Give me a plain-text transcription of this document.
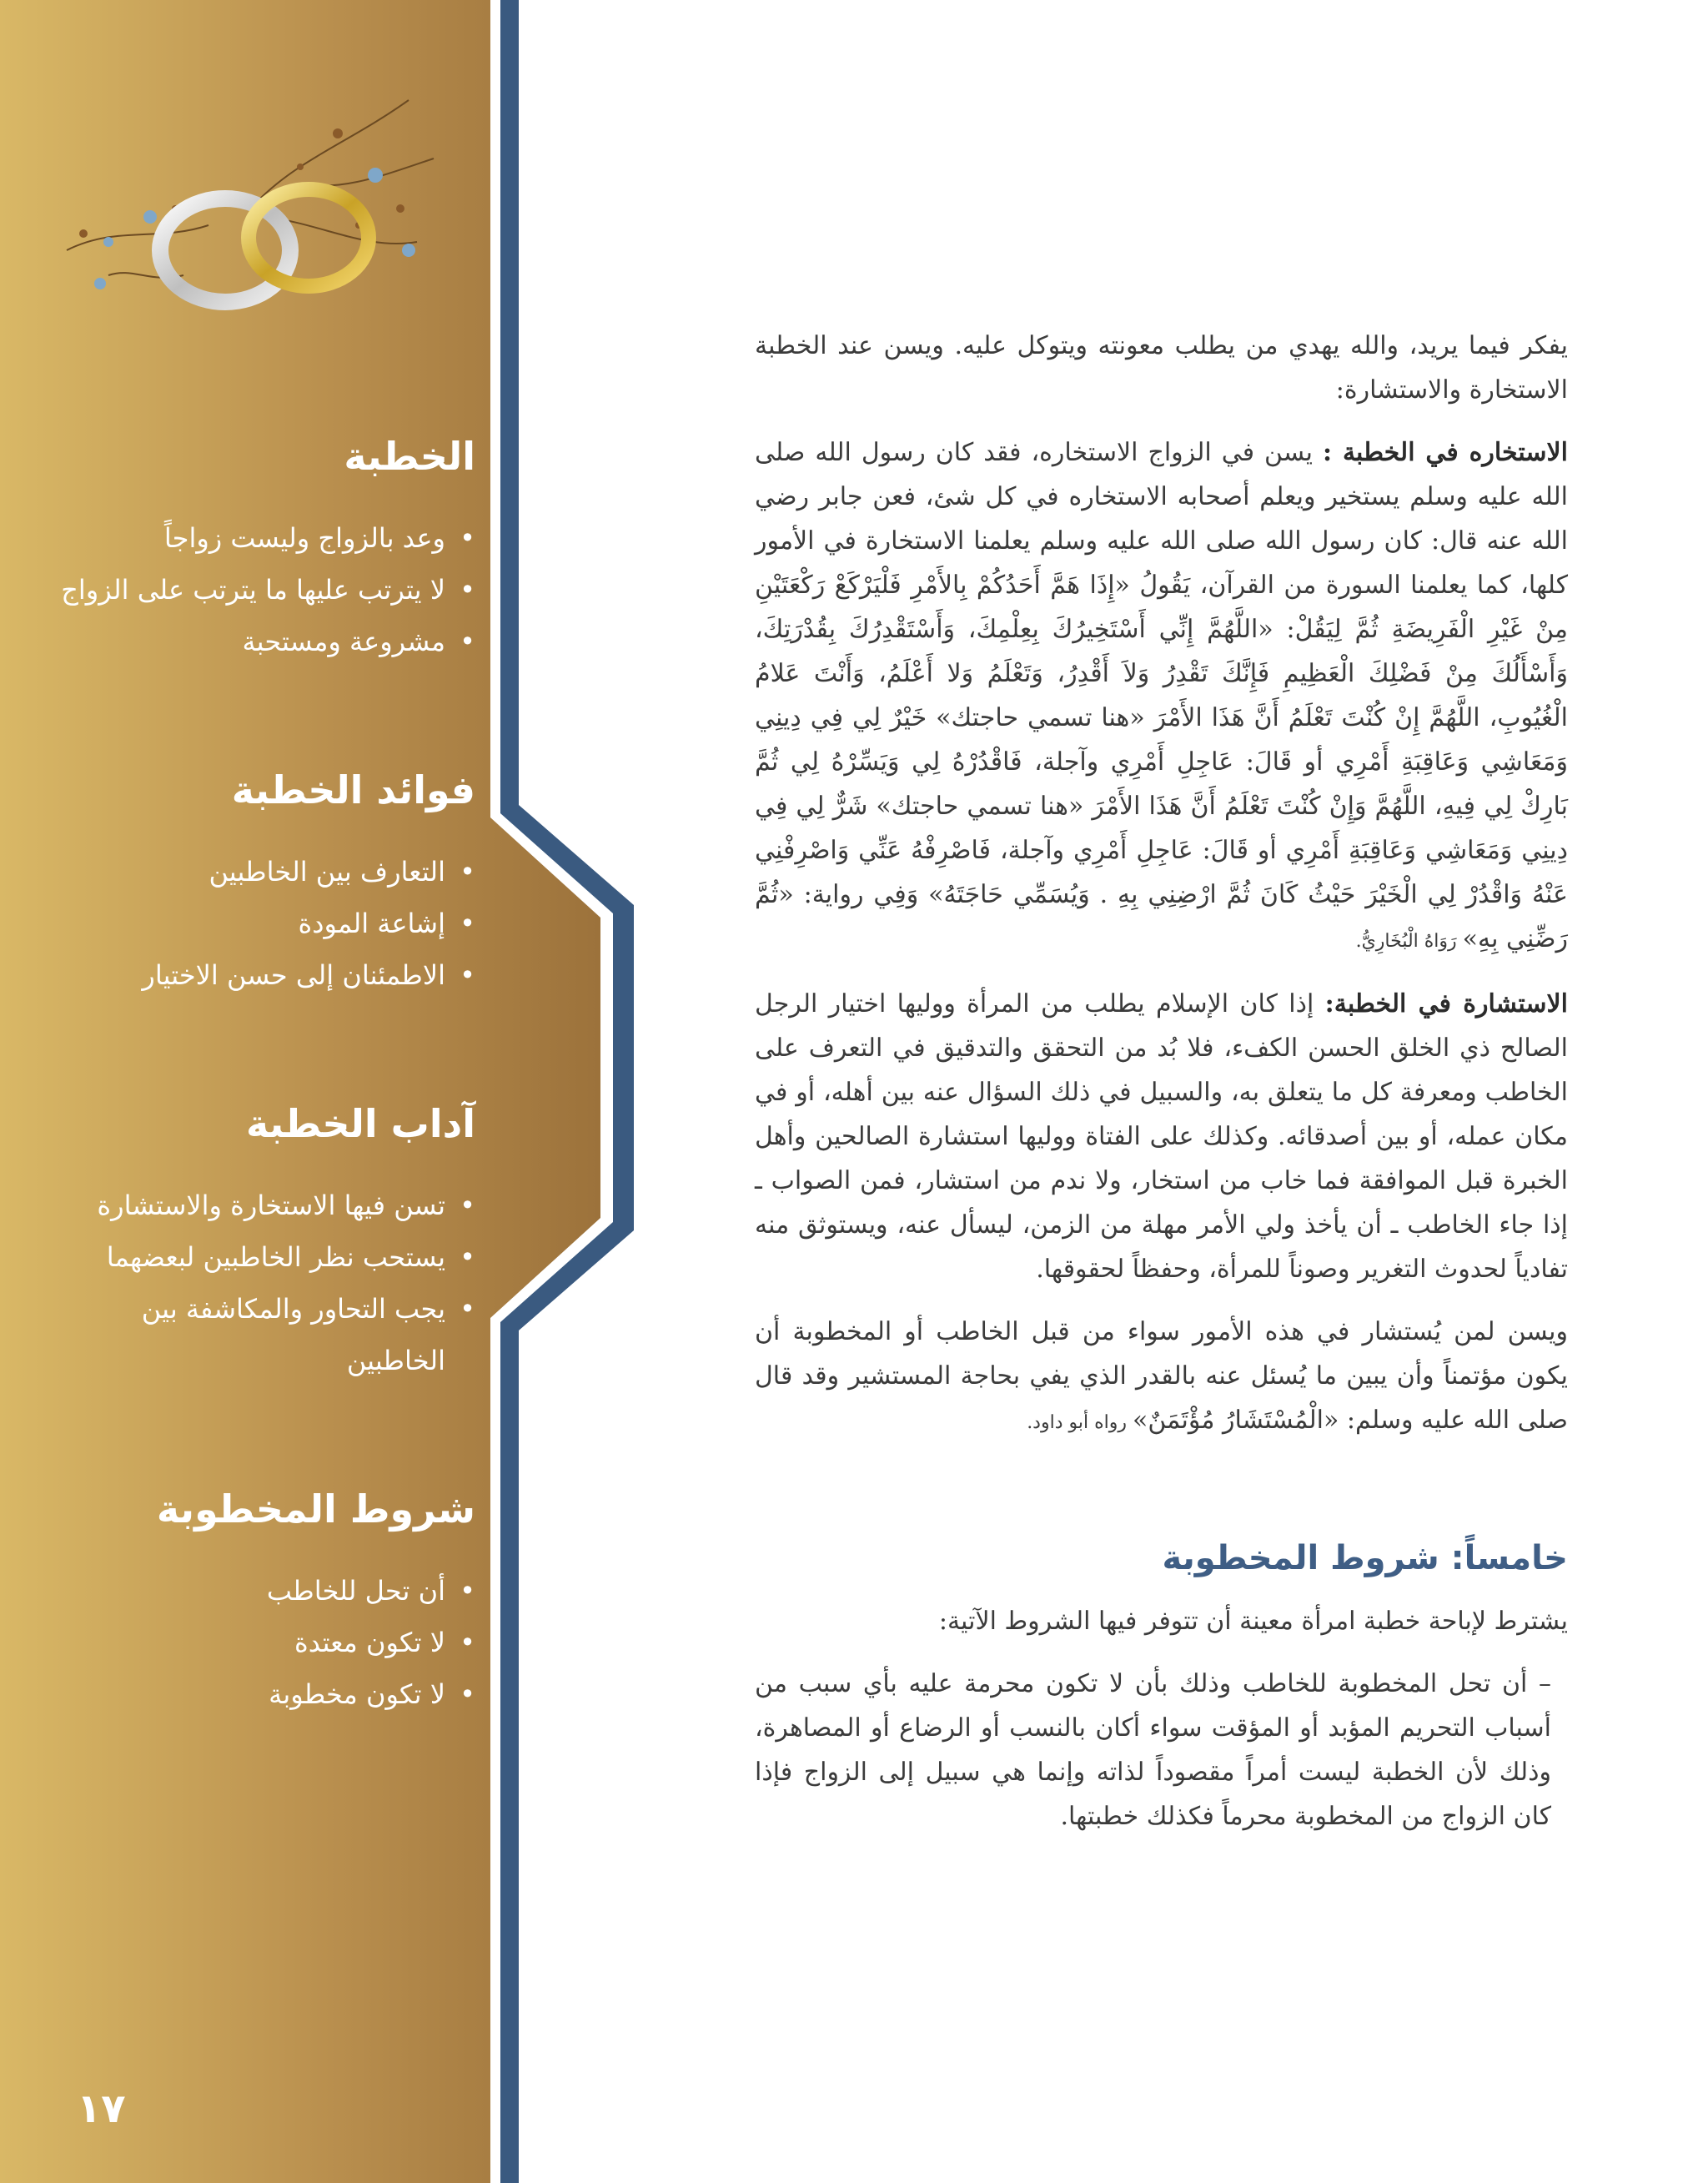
الخطبة
• وعد بالزواج وليست زواجاً
• لا يترتب عليها ما يترتب على الزواج
• مشروعة ومستحبة
فوائد الخطبة
• التعارف بين الخاطبين
• إشاعة المودة
• الاطمئنان إلى حسن الاختيار
آداب الخطبة
• تسن فيها الاستخارة والاستشارة
• يستحب نظر الخاطبين لبعضهما
• يجب التحاور والمكاشفة بين الخاطبين
شروط المخطوبة
• أن تحل للخاطب
• لا تكون معتدة
• لا تكون مخطوبة
١٧

يفكر فيما يريد، والله يهدي من يطلب معونته ويتوكل عليه. ويسن عند الخطبة الاستخارة والاستشارة:

الاستخاره في الخطبة : يسن في الزواج الاستخاره، فقد كان رسول الله صلى الله عليه وسلم يستخير ويعلم أصحابه الاستخاره في كل شئ، فعن جابر رضي الله عنه قال: كان رسول الله صلى الله عليه وسلم يعلمنا الاستخارة في الأمور كلها، كما يعلمنا السورة من القرآن، يَقُولُ «إِذَا هَمَّ أَحَدُكُمْ بِالأَمْرِ فَلْيَرْكَعْ رَكْعَتَيْنِ مِنْ غَيْرِ الْفَرِيضَةِ ثُمَّ لِيَقُلْ: «اللَّهُمَّ إِنِّي أَسْتَخِيرُكَ بِعِلْمِكَ، وَأَسْتَقْدِرُكَ بِقُدْرَتِكَ، وَأَسْأَلُكَ مِنْ فَضْلِكَ الْعَظِيمِ فَإِنَّكَ تَقْدِرُ وَلاَ أَقْدِرُ، وَتَعْلَمُ وَلا أَعْلَمُ، وَأَنْتَ عَلامُ الْغُيُوبِ، اللَّهُمَّ إِنْ كُنْتَ تَعْلَمُ أَنَّ هَذَا الأَمْرَ «هنا تسمي حاجتك» خَيْرٌ لِي فِي دِينِي وَمَعَاشِي وَعَاقِبَةِ أَمْرِي أو قَالَ: عَاجِلِ أَمْرِي وآجلة، فَاقْدُرْهُ لِي وَيَسِّرْهُ لِي ثُمَّ بَارِكْ لِي فِيهِ، اللَّهُمَّ وَإِنْ كُنْتَ تَعْلَمُ أَنَّ هَذَا الأَمْرَ «هنا تسمي حاجتك» شَرٌّ لِي فِي دِينِي وَمَعَاشِي وَعَاقِبَةِ أَمْرِي أو قَالَ: عَاجِلِ أَمْرِي وآجلة، فَاصْرِفْهُ عَنِّي وَاصْرِفْنِي عَنْهُ وَاقْدُرْ لِي الْخَيْرَ حَيْثُ كَانَ ثُمَّ ارْضِنِي بِهِ . وَيُسَمِّي حَاجَتَهُ» وَفِي رواية: «ثُمَّ رَضِّنِي بِهِ» رَوَاهُ الْبُخَارِيُّ.

الاستشارة في الخطبة: إذا كان الإسلام يطلب من المرأة ووليها اختيار الرجل الصالح ذي الخلق الحسن الكفء، فلا بُد من التحقق والتدقيق في التعرف على الخاطب ومعرفة كل ما يتعلق به، والسبيل في ذلك السؤال عنه بين أهله، أو في مكان عمله، أو بين أصدقائه. وكذلك على الفتاة ووليها استشارة الصالحين وأهل الخبرة قبل الموافقة فما خاب من استخار، ولا ندم من استشار، فمن الصواب ـ إذا جاء الخاطب ـ أن يأخذ ولي الأمر مهلة من الزمن، ليسأل عنه، ويستوثق منه تفادياً لحدوث التغرير وصوناً للمرأة، وحفظاً لحقوقها.

ويسن لمن يُستشار في هذه الأمور سواء من قبل الخاطب أو المخطوبة أن يكون مؤتمناً وأن يبين ما يُسئل عنه بالقدر الذي يفي بحاجة المستشير وقد قال صلى الله عليه وسلم: «الْمُسْتَشَارُ مُؤْتَمَنٌ» رواه أبو داود.

خامساً: شروط المخطوبة

يشترط لإباحة خطبة امرأة معينة أن تتوفر فيها الشروط الآتية:

– أن تحل المخطوبة للخاطب وذلك بأن لا تكون محرمة عليه بأي سبب من أسباب التحريم المؤبد أو المؤقت سواء أكان بالنسب أو الرضاع أو المصاهرة، وذلك لأن الخطبة ليست أمراً مقصوداً لذاته وإنما هي سبيل إلى الزواج فإذا كان الزواج من المخطوبة محرماً فكذلك خطبتها.
